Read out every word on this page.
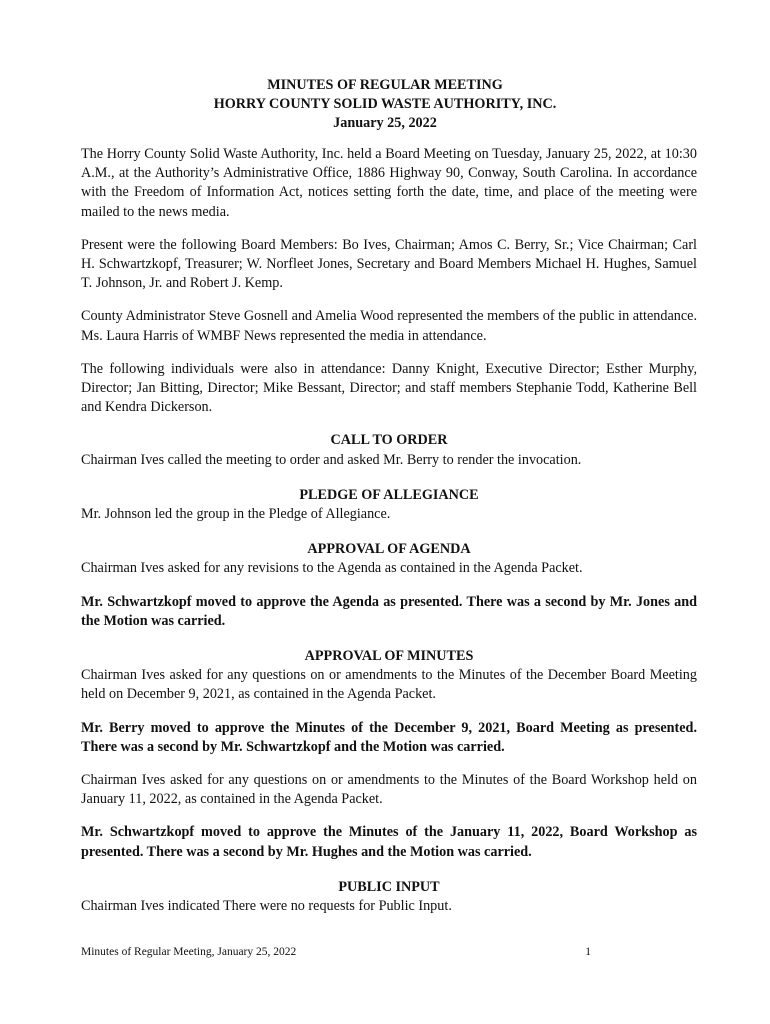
MINUTES OF REGULAR MEETING
HORRY COUNTY SOLID WASTE AUTHORITY, INC.
January 25, 2022

The Horry County Solid Waste Authority, Inc. held a Board Meeting on Tuesday, January 25, 2022, at 10:30 A.M., at the Authority’s Administrative Office, 1886 Highway 90, Conway, South Carolina. In accordance with the Freedom of Information Act, notices setting forth the date, time, and place of the meeting were mailed to the news media.

Present were the following Board Members: Bo Ives, Chairman; Amos C. Berry, Sr.; Vice Chairman; Carl H. Schwartzkopf, Treasurer; W. Norfleet Jones, Secretary and Board Members Michael H. Hughes, Samuel T. Johnson, Jr. and Robert J. Kemp.

County Administrator Steve Gosnell and Amelia Wood represented the members of the public in attendance. Ms. Laura Harris of WMBF News represented the media in attendance.

The following individuals were also in attendance: Danny Knight, Executive Director; Esther Murphy, Director; Jan Bitting, Director; Mike Bessant, Director; and staff members Stephanie Todd, Katherine Bell and Kendra Dickerson.

CALL TO ORDER

Chairman Ives called the meeting to order and asked Mr. Berry to render the invocation.

PLEDGE OF ALLEGIANCE

Mr. Johnson led the group in the Pledge of Allegiance.

APPROVAL OF AGENDA

Chairman Ives asked for any revisions to the Agenda as contained in the Agenda Packet.

Mr. Schwartzkopf moved to approve the Agenda as presented. There was a second by Mr. Jones and the Motion was carried.

APPROVAL OF MINUTES

Chairman Ives asked for any questions on or amendments to the Minutes of the December Board Meeting held on December 9, 2021, as contained in the Agenda Packet.

Mr. Berry moved to approve the Minutes of the December 9, 2021, Board Meeting as presented. There was a second by Mr. Schwartzkopf and the Motion was carried.

Chairman Ives asked for any questions on or amendments to the Minutes of the Board Workshop held on January 11, 2022, as contained in the Agenda Packet.

Mr. Schwartzkopf moved to approve the Minutes of the January 11, 2022, Board Workshop as presented. There was a second by Mr. Hughes and the Motion was carried.

PUBLIC INPUT

Chairman Ives indicated There were no requests for Public Input.

Minutes of Regular Meeting, January 25, 2022	1
